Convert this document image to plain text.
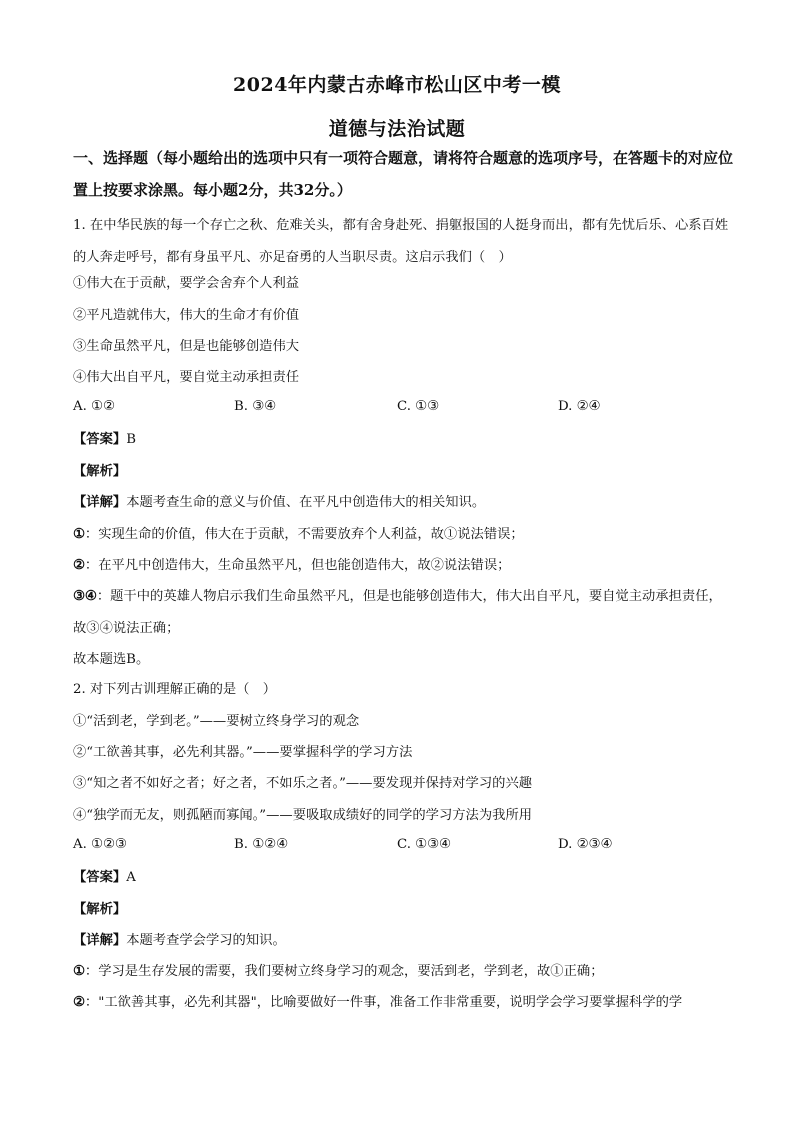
2024年内蒙古赤峰市松山区中考一模
道德与法治试题
一、选择题（每小题给出的选项中只有一项符合题意，请将符合题意的选项序号，在答题卡的对应位置上按要求涂黑。每小题2分，共32分。）
1. 在中华民族的每一个存亡之秋、危难关头，都有舍身赴死、捐躯报国的人挺身而出，都有先忧后乐、心系百姓的人奔走呼号，都有身虽平凡、亦足奋勇的人当职尽责。这启示我们（　）
①伟大在于贡献，要学会舍弃个人利益
②平凡造就伟大，伟大的生命才有价值
③生命虽然平凡，但是也能够创造伟大
④伟大出自平凡，要自觉主动承担责任
A. ①②	B. ③④	C. ①③	D. ②④
【答案】B
【解析】
【详解】本题考查生命的意义与价值、在平凡中创造伟大的相关知识。
①：实现生命的价值，伟大在于贡献，不需要放弃个人利益，故①说法错误；
②：在平凡中创造伟大，生命虽然平凡，但也能创造伟大，故②说法错误；
③④：题干中的英雄人物启示我们生命虽然平凡，但是也能够创造伟大，伟大出自平凡，要自觉主动承担责任，故③④说法正确；
故本题选B。
2. 对下列古训理解正确的是（　）
①“活到老，学到老。”——要树立终身学习的观念
②“工欲善其事，必先利其器。”——要掌握科学的学习方法
③“知之者不如好之者；好之者，不如乐之者。”——要发现并保持对学习的兴趣
④“独学而无友，则孤陋而寡闻。”——要吸取成绩好的同学的学习方法为我所用
A. ①②③	B. ①②④	C. ①③④	D. ②③④
【答案】A
【解析】
【详解】本题考查学会学习的知识。
①：学习是生存发展的需要，我们要树立终身学习的观念，要活到老，学到老，故①正确；
②："工欲善其事，必先利其器"，比喻要做好一件事，准备工作非常重要，说明学会学习要掌握科学的学
